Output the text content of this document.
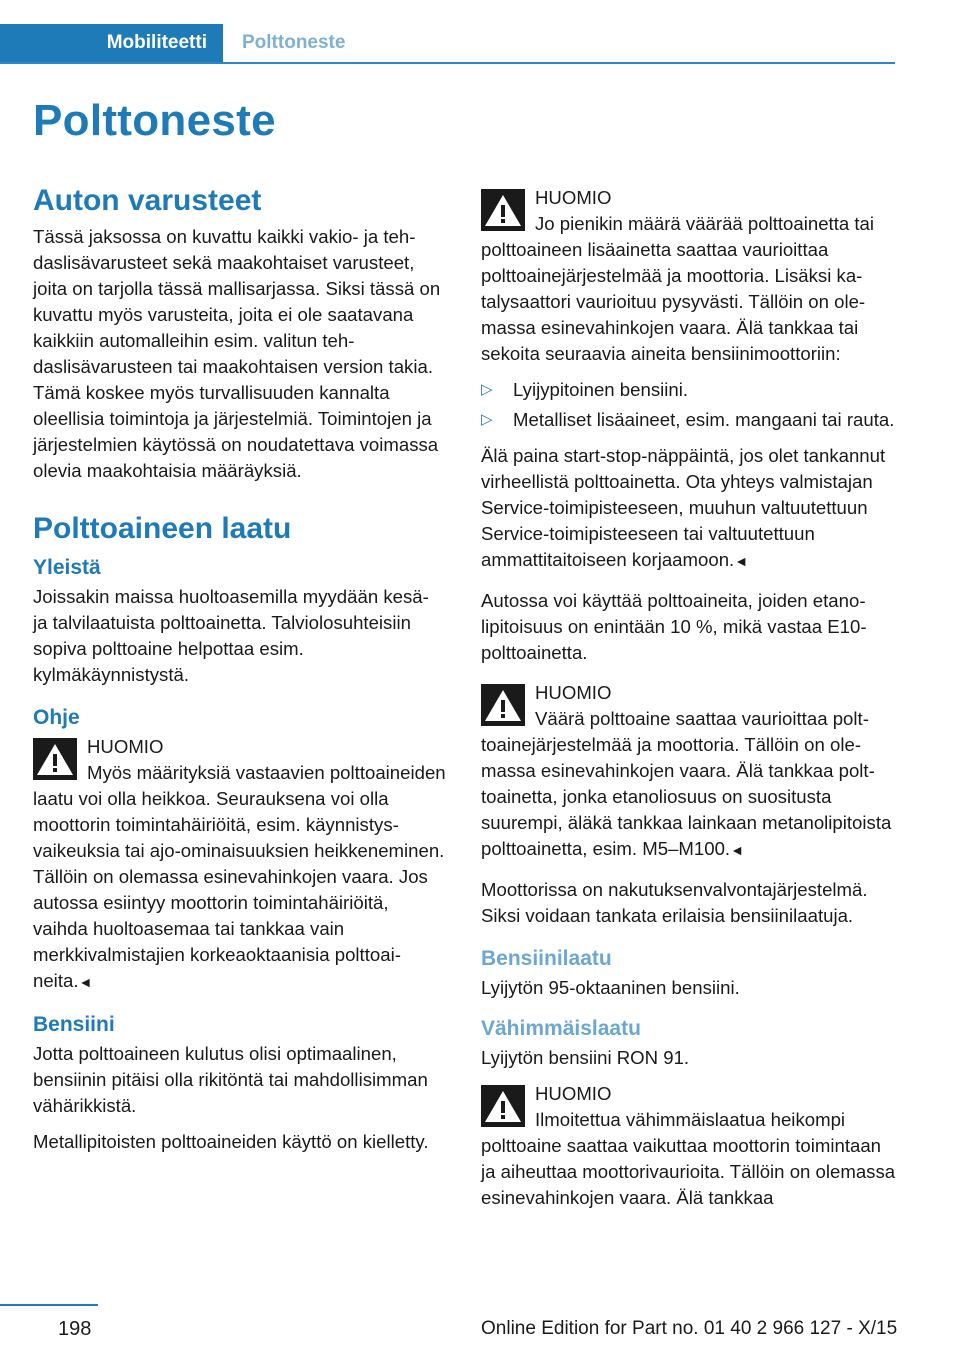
Mobiliteetti Polttoneste
Polttoneste
Auton varusteet

Tässä jaksossa on kuvattu kaikki vakio- ja tehdaslisävarusteet sekä maakohtaiset varusteet, joita on tarjolla tässä mallisarjassa. Siksi tässä on kuvattu myös varusteita, joita ei ole saatavana kaikkiin automalleihin esim. valitun tehdaslisävarusteen tai maakohtaisen version takia. Tämä koskee myös turvallisuuden kannalta oleellisia toimintoja ja järjestelmiä. Toimintojen ja järjestelmien käytössä on noudatettava voimassa olevia maakohtaisia määräyksiä.

Polttoaineen laatu
Yleistä

Joissakin maissa huoltoasemilla myydään kesä- ja talvilaatuista polttoainetta. Talviolosuhteisiin sopiva polttoaine helpottaa esim. kylmäkäynnistystä.

Ohje
HUOMIO
Myös määrityksiä vastaavien polttoaineiden laatu voi olla heikkoa. Seurauksena voi olla moottorin toimintahäiriöitä, esim. käynnistysvaikeuksia tai ajo-ominaisuuksien heikkeneminen. Tällöin on olemassa esinevahinkojen vaara. Jos autossa esiintyy moottorin toimintahäiriöitä, vaihda huoltoasemaa tai tankkaa vain merkkivalmistajien korkeaoktaanisia polttoaineita.◄
Bensiini

Jotta polttoaineen kulutus olisi optimaalinen, bensiinin pitäisi olla rikitöntä tai mahdollisimman vähärikkistä.

Metallipitoisten polttoaineiden käyttö on kielletty.

HUOMIO
Jo pienikin määrä väärää polttoainetta tai polttoaineen lisäainetta saattaa vaurioittaa polttoainejärjestelmää ja moottoria. Lisäksi katalysaattori vaurioituu pysyvästi. Tällöin on olemassa esinevahinkojen vaara. Älä tankkaa tai sekoita seuraavia aineita bensiinimoottoriin:
▷ Lyijypitoinen bensiini.
▷ Metalliset lisäaineet, esim. mangaani tai rauta.

Älä paina start-stop-näppäintä, jos olet tankannut virheellistä polttoainetta. Ota yhteys valmistajan Service-toimipisteeseen, muuhun valtuutettuun Service-toimipisteeseen tai valtuutettuun ammattitaitoiseen korjaamoon.◄

Autossa voi käyttää polttoaineita, joiden etanolipitoisuus on enintään 10 %, mikä vastaa E10-polttoainetta.

HUOMIO
Väärä polttoaine saattaa vaurioittaa polttoainejärjestelmää ja moottoria. Tällöin on olemassa esinevahinkojen vaara. Älä tankkaa polttoainetta, jonka etanoliosuus on suositusta suurempi, äläkä tankkaa lainkaan metanolipitoista polttoainetta, esim. M5–M100.◄

Moottorissa on nakutuksenvalvontajärjestelmä. Siksi voidaan tankata erilaisia bensiinilaatuja.

Bensiinilaatu

Lyijytön 95-oktaaninen bensiini.

Vähimmäislaatu

Lyijytön bensiini RON 91.

HUOMIO
Ilmoitettua vähimmäislaatua heikompi polttoaine saattaa vaikuttaa moottorin toimintaan ja aiheuttaa moottorivaurioita. Tällöin on olemassa esinevahinkojen vaara. Älä tankkaa
198	Online Edition for Part no. 01 40 2 966 127 - X/15
